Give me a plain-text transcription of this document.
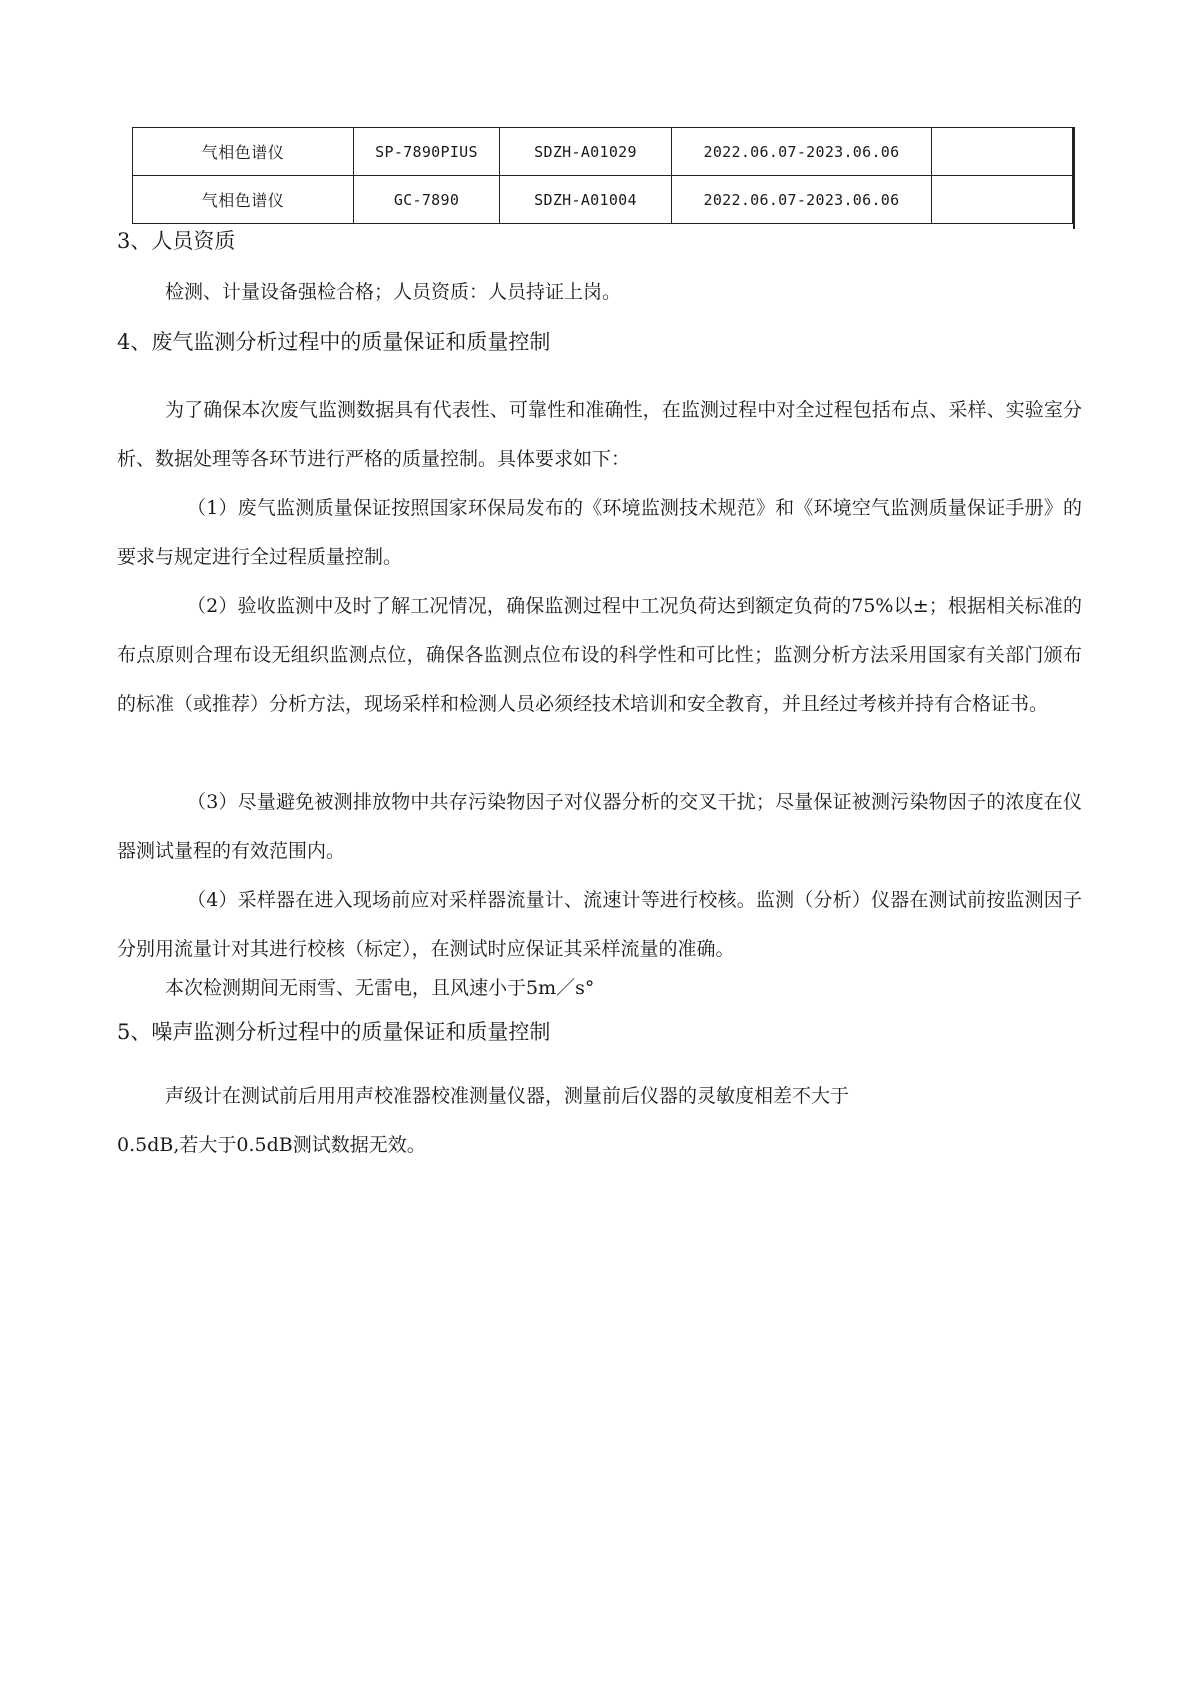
气相色谱仪	SP-7890PIUS	SDZH-A01029	2022.06.07-2023.06.06	
气相色谱仪	GC-7890	SDZH-A01004	2022.06.07-2023.06.06	
3、人员资质

检测、计量设备强检合格；人员资质：人员持证上岗。

4、废气监测分析过程中的质量保证和质量控制

为了确保本次废气监测数据具有代表性、可靠性和准确性，在监测过程中对全过程包括布点、采样、实验室分析、数据处理等各环节进行严格的质量控制。具体要求如下：

（1）废气监测质量保证按照国家环保局发布的《环境监测技术规范》和《环境空气监测质量保证手册》的要求与规定进行全过程质量控制。

（2）验收监测中及时了解工况情况，确保监测过程中工况负荷达到额定负荷的75%以±；根据相关标准的布点原则合理布设无组织监测点位，确保各监测点位布设的科学性和可比性；监测分析方法采用国家有关部门颁布的标准（或推荐）分析方法，现场采样和检测人员必须经技术培训和安全教育，并且经过考核并持有合格证书。

（3）尽量避免被测排放物中共存污染物因子对仪器分析的交叉干扰；尽量保证被测污染物因子的浓度在仪器测试量程的有效范围内。

（4）采样器在进入现场前应对采样器流量计、流速计等进行校核。监测（分析）仪器在测试前按监测因子分别用流量计对其进行校核（标定），在测试时应保证其采样流量的准确。

本次检测期间无雨雪、无雷电，且风速小于5m／s°

5、噪声监测分析过程中的质量保证和质量控制

声级计在测试前后用用声校准器校准测量仪器，测量前后仪器的灵敏度相差不大于

0.5dB,若大于0.5dB测试数据无效。
